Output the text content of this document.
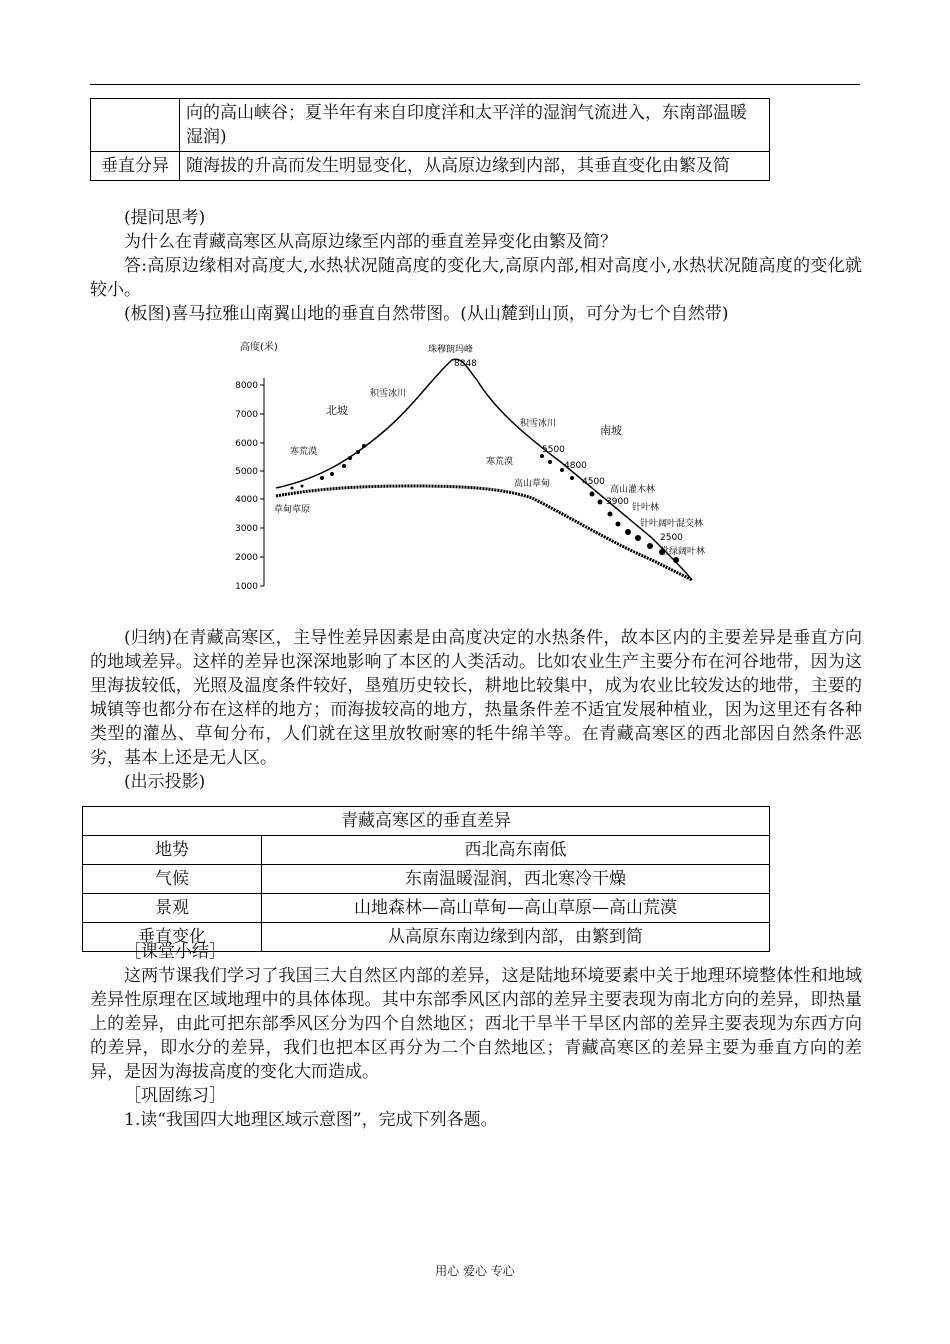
	向的高山峡谷；夏半年有来自印度洋和太平洋的湿润气流进入，东南部温暖湿润)
垂直分异	随海拔的升高而发生明显变化，从高原边缘到内部，其垂直变化由繁及简

(提问思考)

为什么在青藏高寒区从高原边缘至内部的垂直差异变化由繁及简？

答:高原边缘相对高度大,水热状况随高度的变化大,高原内部,相对高度小,水热状况随高度的变化就较小。

(板图)喜马拉雅山南翼山地的垂直自然带图。(从山麓到山顶，可分为七个自然带)

高度(米)
8000
7000
6000
5000
4000
3000
2000
1000
珠穆朗玛峰
8848
积雪冰川
北坡
寒荒漠
草甸草原
积雪冰川	南坡
5500
寒荒漠	4800
高山草甸	4500
高山灌木林
3900
针叶林
针叶阔叶混交林
2500
常绿阔叶林

(归纳)在青藏高寒区，主导性差异因素是由高度决定的水热条件，故本区内的主要差异是垂直方向的地域差异。这样的差异也深深地影响了本区的人类活动。比如农业生产主要分布在河谷地带，因为这里海拔较低，光照及温度条件较好，垦殖历史较长，耕地比较集中，成为农业比较发达的地带，主要的城镇等也都分布在这样的地方；而海拔较高的地方，热量条件差不适宜发展种植业，因为这里还有各种类型的灌丛、草甸分布，人们就在这里放牧耐寒的牦牛绵羊等。在青藏高寒区的西北部因自然条件恶劣，基本上还是无人区。

(出示投影)

青藏高寒区的垂直差异	
地势	西北高东南低
气候	东南温暖湿润，西北寒冷干燥
景观	山地森林—高山草甸—高山草原—高山荒漠
垂直变化	从高原东南边缘到内部，由繁到简

［课堂小结］

这两节课我们学习了我国三大自然区内部的差异，这是陆地环境要素中关于地理环境整体性和地域差异性原理在区域地理中的具体体现。其中东部季风区内部的差异主要表现为南北方向的差异，即热量上的差异，由此可把东部季风区分为四个自然地区；西北干旱半干旱区内部的差异主要表现为东西方向的差异，即水分的差异，我们也把本区再分为二个自然地区；青藏高寒区的差异主要为垂直方向的差异，是因为海拔高度的变化大而造成。

［巩固练习］

1.读“我国四大地理区域示意图”，完成下列各题。

用心 爱心 专心
